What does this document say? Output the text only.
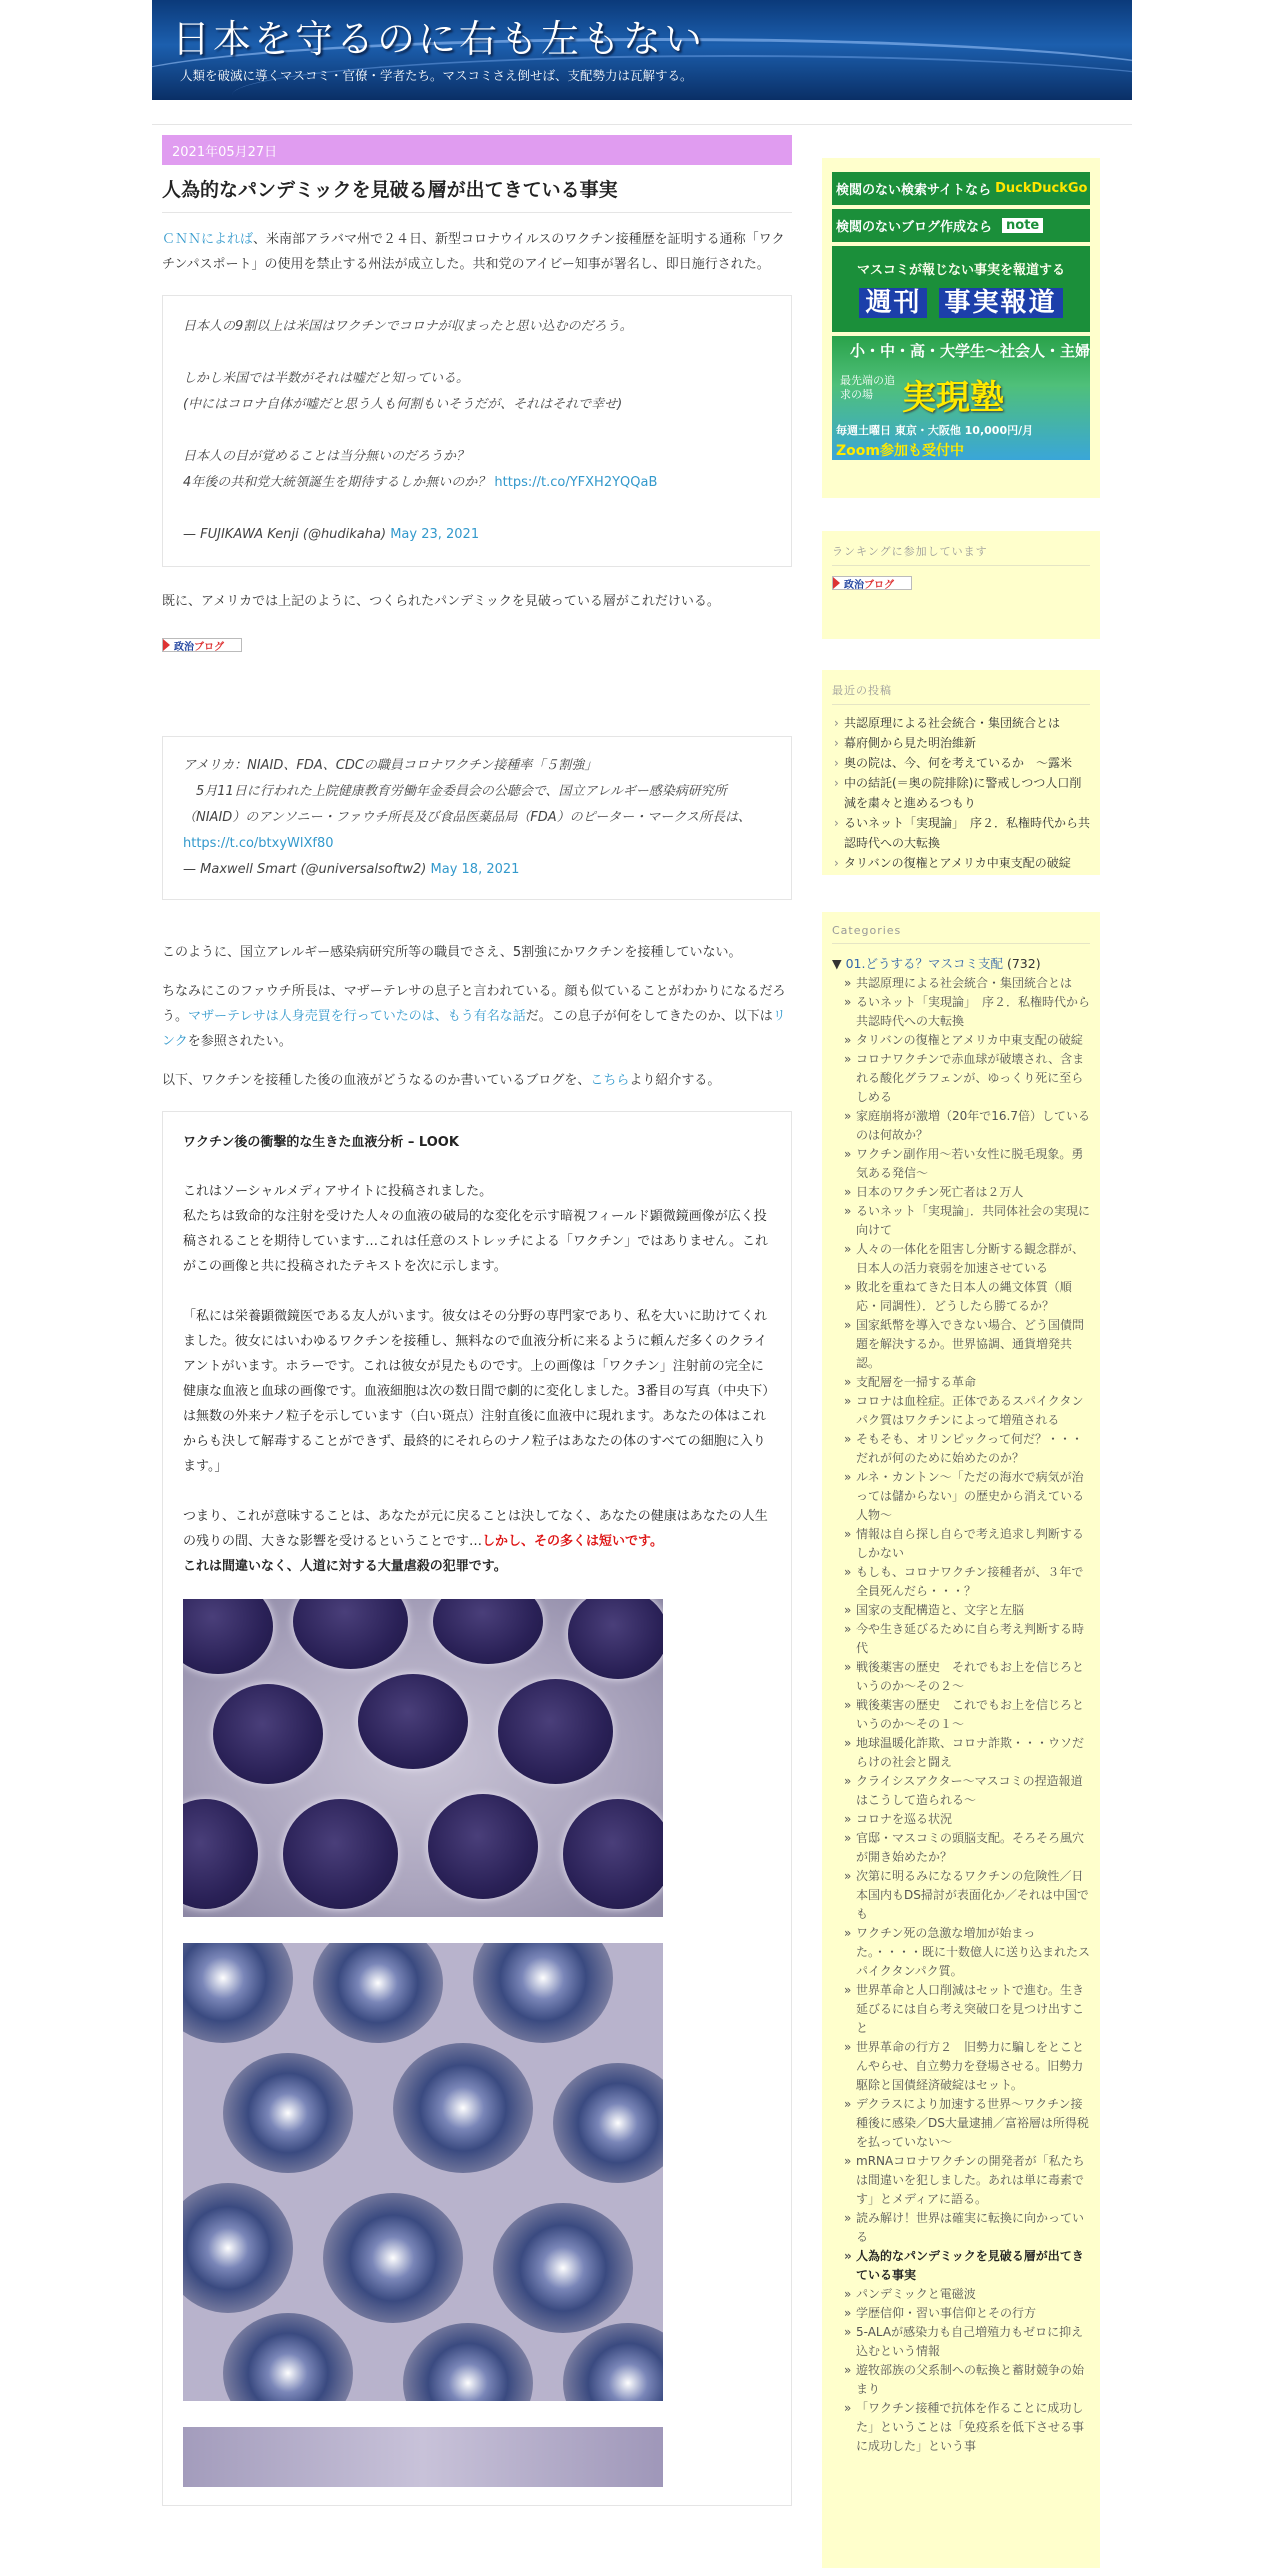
日本を守るのに右も左もない
人類を破滅に導くマスコミ・官僚・学者たち。マスコミさえ倒せば、支配勢力は瓦解する。
2021年05月27日
人為的なパンデミックを見破る層が出てきている事実
ＣＮＮによれば、米南部アラバマ州で２４日、新型コロナウイルスのワクチン接種歴を証明する通称「ワクチンパスポート」の使用を禁止する州法が成立した。共和党のアイビー知事が署名し、即日施行された。
日本人の9割以上は米国はワクチンでコロナが収まったと思い込むのだろう。
しかし米国では半数がそれは嘘だと知っている。
(中にはコロナ自体が嘘だと思う人も何割もいそうだが、それはそれで幸せ)
日本人の目が覚めることは当分無いのだろうか？
4年後の共和党大統領誕生を期待するしか無いのか？ https://t.co/YFXH2YQQaB
— FUJIKAWA Kenji (@hudikaha) May 23, 2021
既に、アメリカでは上記のように、つくられたパンデミックを見破っている層がこれだけいる。
政治ブログ
アメリカ：NIAID、FDA、CDCの職員コロナワクチン接種率「５割強」
　5月11日に行われた上院健康教育労働年金委員会の公聴会で、国立アレルギー感染病研究所（NIAID）のアンソニー・ファウチ所長及び食品医薬品局（FDA）のピーター・マークス所長は、 https://t.co/btxyWlXf80
— Maxwell Smart (@universalsoftw2) May 18, 2021
このように、国立アレルギー感染病研究所等の職員でさえ、5割強にかワクチンを接種していない。
ちなみにこのファウチ所長は、マザーテレサの息子と言われている。顔も似ていることがわかりになるだろう。マザーテレサは人身売買を行っていたのは、もう有名な話だ。この息子が何をしてきたのか、以下はリンクを参照されたい。
以下、ワクチンを接種した後の血液がどうなるのか書いているブログを、こちらより紹介する。
ワクチン後の衝撃的な生きた血液分析 – LOOK
これはソーシャルメディアサイトに投稿されました。
私たちは致命的な注射を受けた人々の血液の破局的な変化を示す暗視フィールド顕微鏡画像が広く投稿されることを期待しています…これは任意のストレッチによる「ワクチン」ではありません。これがこの画像と共に投稿されたテキストを次に示します。
「私には栄養顕微鏡医である友人がいます。彼女はその分野の専門家であり、私を大いに助けてくれました。彼女にはいわゆるワクチンを接種し、無料なので血液分析に来るように頼んだ多くのクライアントがいます。ホラーです。これは彼女が見たものです。上の画像は「ワクチン」注射前の完全に健康な血液と血球の画像です。血液細胞は次の数日間で劇的に変化しました。3番目の写真（中央下）は無数の外来ナノ粒子を示しています（白い斑点）注射直後に血液中に現れます。あなたの体はこれからも決して解毒することができず、最終的にそれらのナノ粒子はあなたの体のすべての細胞に入ります。」
つまり、これが意味することは、あなたが元に戻ることは決してなく、あなたの健康はあなたの人生の残りの間、大きな影響を受けるということです…しかし、その多くは短いです。
これは間違いなく、人道に対する大量虐殺の犯罪です。
検閲のない検索サイトなら DuckDuckGo
検閲のないブログ作成なら	note
マスコミが報じない事実を報道する
週刊 事実報道
小・中・高・大学生～社会人・主婦
最先端の追求の場 実現塾
毎週土曜日 東京・大阪他 10,000円/月
Zoom参加も受付中
ランキングに参加しています
政治ブログ
最近の投稿
› 共認原理による社会統合・集団統合とは
› 幕府側から見た明治維新
› 奥の院は、今、何を考えているか　～露米
› 中の結託(＝奥の院排除)に警戒しつつ人口削減を粛々と進めるつもり
› るいネット「実現論」　序２．私権時代から共認時代への大転換
› タリバンの復権とアメリカ中東支配の破綻
Categories
▼ 01.どうする？マスコミ支配 (732)
» 共認原理による社会統合・集団統合とは
» るいネット「実現論」　序２．私権時代から共認時代への大転換
» タリバンの復権とアメリカ中東支配の破綻
» コロナワクチンで赤血球が破壊され、含まれる酸化グラフェンが、ゆっくり死に至らしめる
» 家庭崩将が激増（20年で16.7倍）しているのは何故か？
» ワクチン副作用～若い女性に脱毛現象。勇気ある発信～
» 日本のワクチン死亡者は２万人
» るいネット「実現論」．共同体社会の実現に向けて
» 人々の一体化を阻害し分断する観念群が、日本人の活力衰弱を加速させている
» 敗北を重ねてきた日本人の縄文体質（順応・同調性）．どうしたら勝てるか？
» 国家紙幣を導入できない場合、どう国債問題を解決するか。世界協調、通貨増発共認。
» 支配層を一掃する革命
» コロナは血栓症。正体であるスパイクタンパク質はワクチンによって増殖される
» そもそも、オリンピックって何だ？・・・だれが何のために始めたのか？
» ルネ・カントン～「ただの海水で病気が治っては儲からない」の歴史から消えている人物～
» 情報は自ら探し自らで考え追求し判断するしかない
» もしも、コロナワクチン接種者が、３年で全員死んだら・・・？
» 国家の支配構造と、文字と左脳
» 今や生き延びるために自ら考え判断する時代
» 戦後薬害の歴史　それでもお上を信じろというのか～その２～
» 戦後薬害の歴史　これでもお上を信じろというのか～その１～
» 地球温暖化詐欺、コロナ詐欺・・・ウソだらけの社会と闘え
» クライシスアクター～マスコミの捏造報道はこうして造られる～
» コロナを巡る状況
» 官邸・マスコミの頭脳支配。そろそろ風穴が開き始めたか？
» 次第に明るみになるワクチンの危険性／日本国内もDS掃討が表面化か／それは中国でも
» ワクチン死の急激な増加が始まった。・・・・既に十数億人に送り込まれたスパイクタンパク質。
» 世界革命と人口削減はセットで進む。生き延びるには自ら考え突破口を見つけ出すこと
» 世界革命の行方２　旧勢力に騙しをとことんやらせ、自立勢力を登場させる。旧勢力駆除と国債経済破綻はセット。
» デクラスにより加速する世界～ワクチン接種後に感染／DS大量逮捕／富裕層は所得税を払っていない～
» mRNAコロナワクチンの開発者が「私たちは間違いを犯しました。あれは単に毒素です」とメディアに語る。
» 読み解け！世界は確実に転換に向かっている
» 人為的なパンデミックを見破る層が出てきている事実
» パンデミックと電磁波
» 学歴信仰・習い事信仰とその行方
» 5-ALAが感染力も自己増殖力もゼロに抑え込むという情報
» 遊牧部族の父系制への転換と蓄財競争の始まり
» 「ワクチン接種で抗体を作ることに成功した」ということは「免疫系を低下させる事に成功した」という事
